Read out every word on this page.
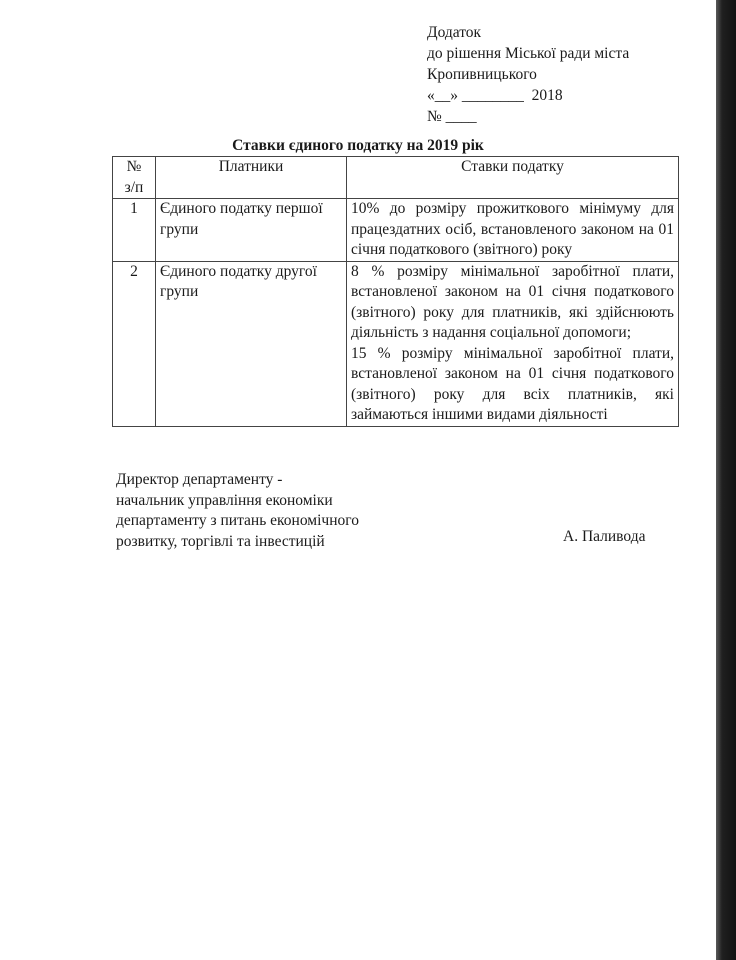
Додаток
до рішення Міської ради міста
Кропивницького
«__» ________  2018
№ ____
Ставки єдиного податку на 2019 рік
№
з/п	Платники	Ставки податку
1	Єдиного податку першої групи	10% до розміру прожиткового мінімуму для працездатних осіб, встановленого законом на 01 січня податкового (звітного) року
2	Єдиного податку другої групи	8 % розміру мінімальної заробітної плати, встановленої законом на 01 січня податкового (звітного) року для платників, які здійснюють діяльність з надання соціальної допомоги;
15 % розміру мінімальної заробітної плати, встановленої законом на 01 січня податкового (звітного) року для всіх платників, які займаються іншими видами діяльності
Директор департаменту -
начальник управління економіки
департаменту з питань економічного
розвитку, торгівлі та інвестицій	А. Паливода
